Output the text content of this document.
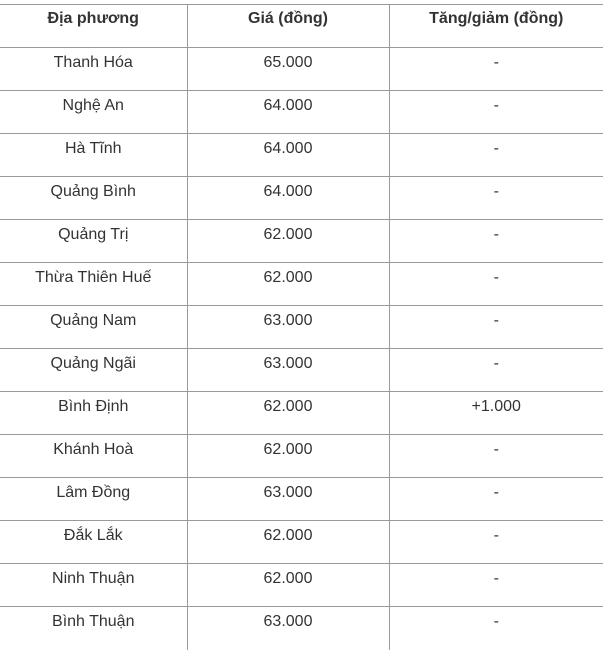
Địa phương	Giá (đồng)	Tăng/giảm (đồng)
Thanh Hóa	65.000	-
Nghệ An	64.000	-
Hà Tĩnh	64.000	-
Quảng Bình	64.000	-
Quảng Trị	62.000	-
Thừa Thiên Huế	62.000	-
Quảng Nam	63.000	-
Quảng Ngãi	63.000	-
Bình Định	62.000	+1.000
Khánh Hoà	62.000	-
Lâm Đồng	63.000	-
Đắk Lắk	62.000	-
Ninh Thuận	62.000	-
Bình Thuận	63.000	-
